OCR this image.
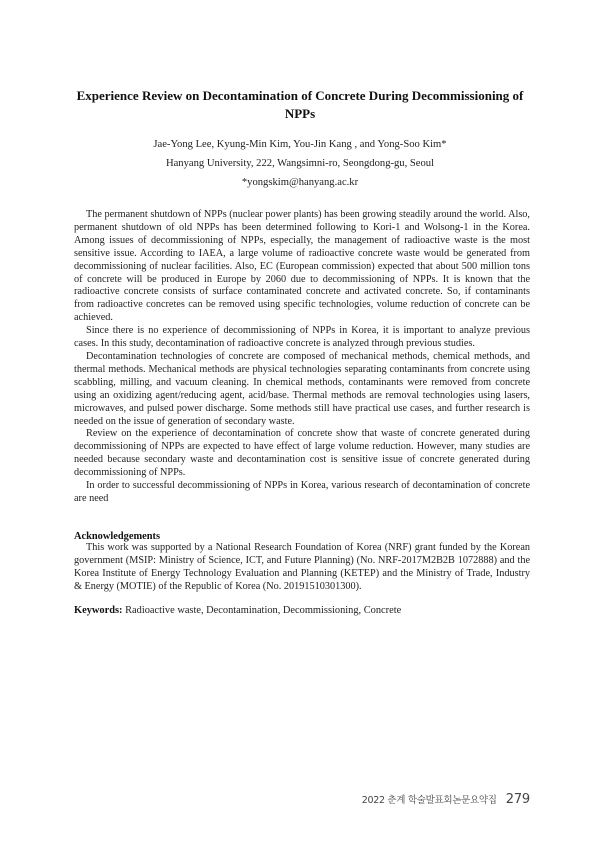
Experience Review on Decontamination of Concrete During Decommissioning of NPPs
Jae-Yong Lee, Kyung-Min Kim, You-Jin Kang , and Yong-Soo Kim*
Hanyang University, 222, Wangsimni-ro, Seongdong-gu, Seoul
*yongskim@hanyang.ac.kr

The permanent shutdown of NPPs (nuclear power plants) has been growing steadily around the world. Also, permanent shutdown of old NPPs has been determined following to Kori-1 and Wolsong-1 in the Korea. Among issues of decommissioning of NPPs, especially, the management of radioactive waste is the most sensitive issue. According to IAEA, a large volume of radioactive concrete waste would be generated from decommissioning of nuclear facilities. Also, EC (European commission) expected that about 500 million tons of concrete will be produced in Europe by 2060 due to decommissioning of NPPs. It is known that the radioactive concrete consists of surface contaminated concrete and activated concrete. So, if contaminants from radioactive concretes can be removed using specific technologies, volume reduction of concrete can be achieved.

Since there is no experience of decommissioning of NPPs in Korea, it is important to analyze previous cases. In this study, decontamination of radioactive concrete is analyzed through previous studies.

Decontamination technologies of concrete are composed of mechanical methods, chemical methods, and thermal methods. Mechanical methods are physical technologies separating contaminants from concrete using scabbling, milling, and vacuum cleaning. In chemical methods, contaminants were removed from concrete using an oxidizing agent/reducing agent, acid/base. Thermal methods are removal technologies using lasers, microwaves, and pulsed power discharge. Some methods still have practical use cases, and further research is needed on the issue of generation of secondary waste.

Review on the experience of decontamination of concrete show that waste of concrete generated during decommissioning of NPPs are expected to have effect of large volume reduction. However, many studies are needed because secondary waste and decontamination cost is sensitive issue of concrete generated during decommissioning of NPPs.

In order to successful decommissioning of NPPs in Korea, various research of decontamination of concrete are need

Acknowledgements

This work was supported by a National Research Foundation of Korea (NRF) grant funded by the Korean government (MSIP: Ministry of Science, ICT, and Future Planning) (No. NRF-2017M2B2B 1072888) and the Korea Institute of Energy Technology Evaluation and Planning (KETEP) and the Ministry of Trade, Industry & Energy (MOTIE) of the Republic of Korea (No. 20191510301300).

Keywords: Radioactive waste, Decontamination, Decommissioning, Concrete
2022 춘계 학술발표회논문요약집 279
